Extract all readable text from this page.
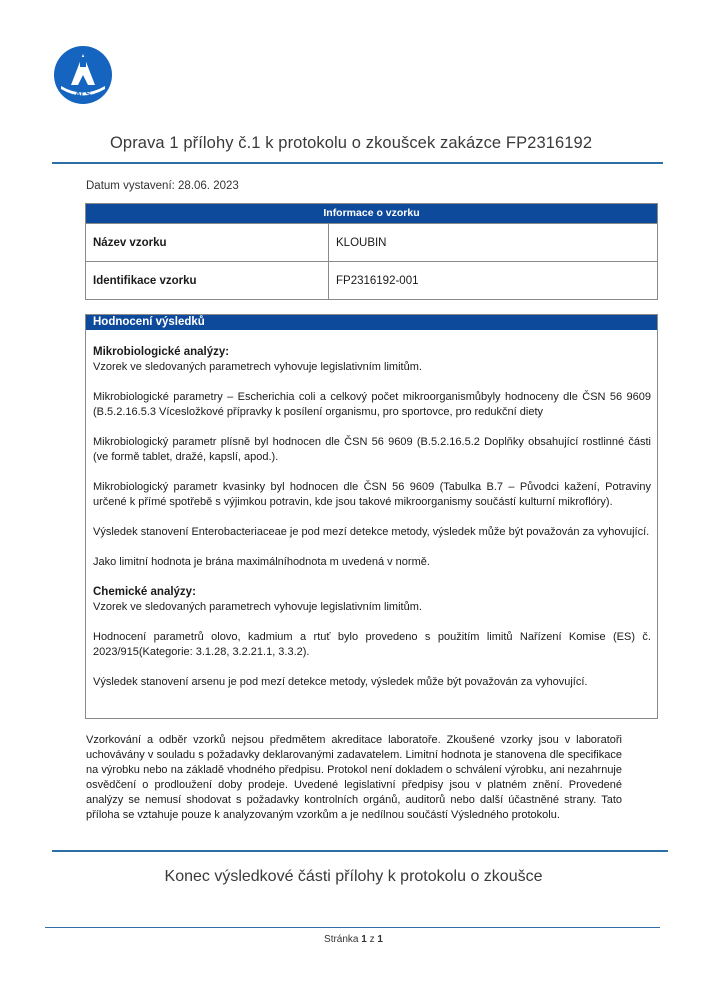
ALS
Oprava 1 přílohy č.1 k protokolu o zkoušcek zakázce FP2316192
Datum vystavení: 28.06. 2023
Informace o vzorku
Název vzorku	KLOUBIN
Identifikace vzorku	FP2316192-001
Hodnocení výsledků

Mikrobiologické analýzy:

Vzorek ve sledovaných parametrech vyhovuje legislativním limitům.

Mikrobiologické parametry – Escherichia coli a celkový počet mikroorganismůbyly hodnoceny dle ČSN 56 9609 (B.5.2.16.5.3 Vícesložkové přípravky k posílení organismu, pro sportovce, pro redukční diety

Mikrobiologický parametr plísně byl hodnocen dle ČSN 56 9609 (B.5.2.16.5.2 Doplňky obsahující rostlinné části (ve formě tablet, dražé, kapslí, apod.).

Mikrobiologický parametr kvasinky byl hodnocen dle ČSN 56 9609 (Tabulka B.7 – Původci kažení, Potraviny určené k přímé spotřebě s výjimkou potravin, kde jsou takové mikroorganismy součástí kulturní mikroflóry).

Výsledek stanovení Enterobacteriaceae je pod mezí detekce metody, výsledek může být považován za vyhovující.

Jako limitní hodnota je brána maximálníhodnota m uvedená v normě.

Chemické analýzy:

Vzorek ve sledovaných parametrech vyhovuje legislativním limitům.

Hodnocení parametrů olovo, kadmium a rtuť bylo provedeno s použitím limitů Nařízení Komise (ES) č. 2023/915(Kategorie: 3.1.28, 3.2.21.1, 3.3.2).

Výsledek stanovení arsenu je pod mezí detekce metody, výsledek může být považován za vyhovující.

Vzorkování a odběr vzorků nejsou předmětem akreditace laboratoře. Zkoušené vzorky jsou v laboratoři uchovávány v souladu s požadavky deklarovanými zadavatelem. Limitní hodnota je stanovena dle specifikace na výrobku nebo na základě vhodného předpisu. Protokol není dokladem o schválení výrobku, ani nezahrnuje osvědčení o prodloužení doby prodeje. Uvedené legislativní předpisy jsou v platném znění. Provedené analýzy se nemusí shodovat s požadavky kontrolních orgánů, auditorů nebo další účastněné strany. Tato příloha se vztahuje pouze k analyzovaným vzorkům a je nedílnou součástí Výsledného protokolu.
Konec výsledkové části přílohy k protokolu o zkoušce
Stránka 1 z 1
